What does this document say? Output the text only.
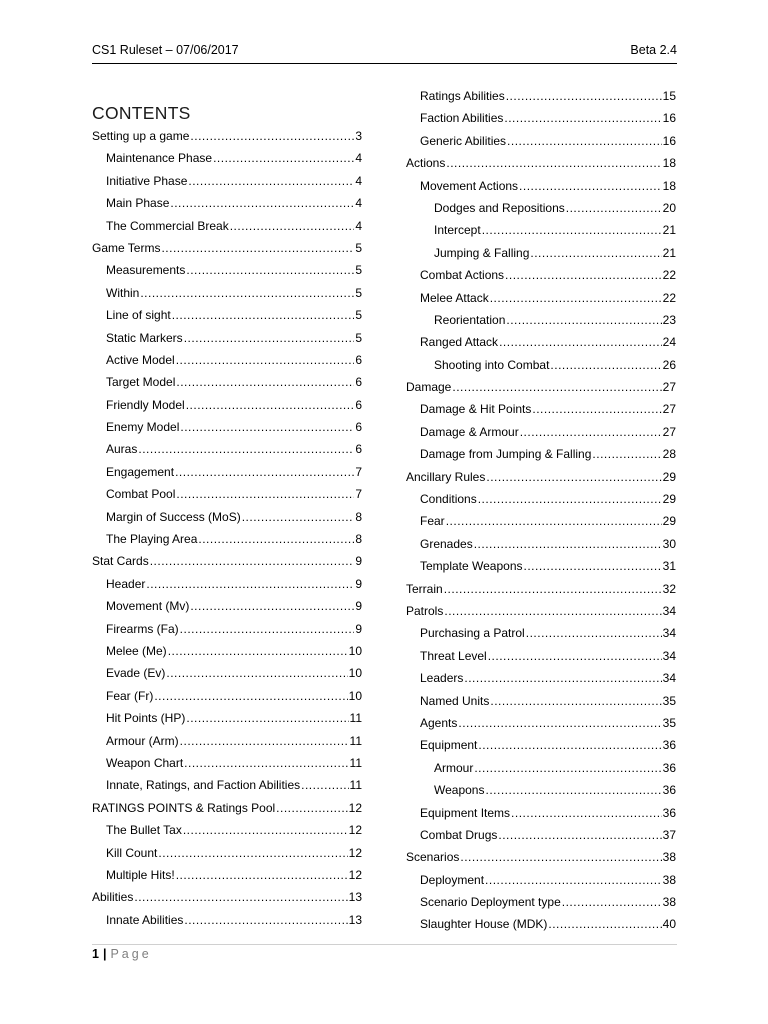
CS1 Ruleset – 07/06/2017	Beta 2.4
CONTENTS
Setting up a game .....	3
Maintenance Phase .....	4
Initiative Phase .....	4
Main Phase .....	4
The Commercial Break .....	4
Game Terms .....	5
Measurements .....	5
Within .....	5
Line of sight .....	5
Static Markers .....	5
Active Model .....	6
Target Model .....	6
Friendly Model .....	6
Enemy Model .....	6
Auras .....	6
Engagement .....	7
Combat Pool .....	7
Margin of Success (MoS) .....	8
The Playing Area .....	8
Stat Cards .....	9
Header .....	9
Movement (Mv) .....	9
Firearms (Fa) .....	9
Melee (Me) .....	10
Evade (Ev) .....	10
Fear (Fr) .....	10
Hit Points (HP) .....	11
Armour (Arm) .....	11
Weapon Chart .....	11
Innate, Ratings, and Faction Abilities .....	11
RATINGS POINTS & Ratings Pool .....	12
The Bullet Tax .....	12
Kill Count .....	12
Multiple Hits! .....	12
Abilities .....	13
Innate Abilities .....	13
Ratings Abilities .....	15
Faction Abilities .....	16
Generic Abilities .....	16
Actions .....	18
Movement Actions .....	18
Dodges and Repositions .....	20
Intercept .....	21
Jumping & Falling .....	21
Combat Actions .....	22
Melee Attack .....	22
Reorientation .....	23
Ranged Attack .....	24
Shooting into Combat .....	26
Damage .....	27
Damage & Hit Points .....	27
Damage & Armour .....	27
Damage from Jumping & Falling .....	28
Ancillary Rules .....	29
Conditions .....	29
Fear .....	29
Grenades .....	30
Template Weapons .....	31
Terrain .....	32
Patrols .....	34
Purchasing a Patrol .....	34
Threat Level .....	34
Leaders .....	34
Named Units .....	35
Agents .....	35
Equipment .....	36
Armour .....	36
Weapons .....	36
Equipment Items .....	36
Combat Drugs .....	37
Scenarios .....	38
Deployment .....	38
Scenario Deployment type .....	38
Slaughter House (MDK) .....	40
1 | Page
